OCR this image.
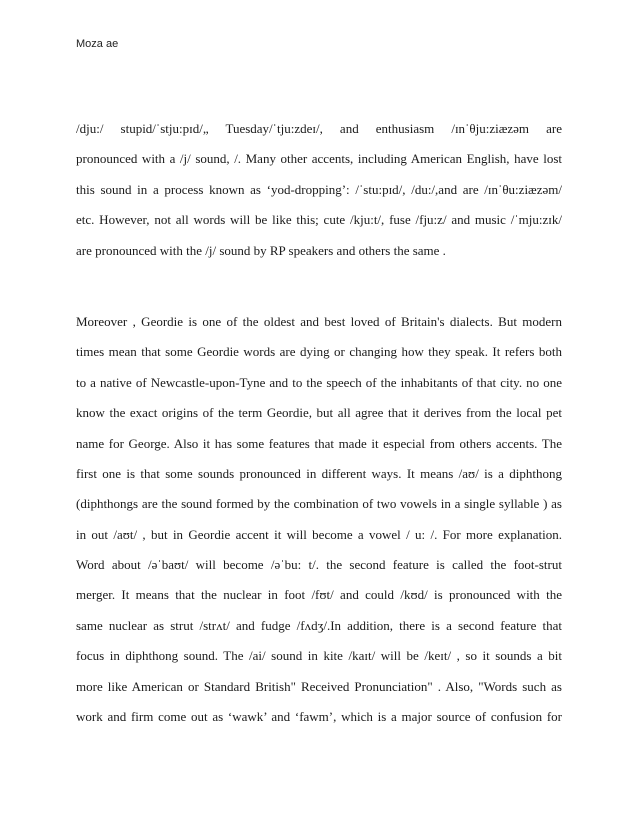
Moza ae
/dju:/ stupid/ˈstju:pɪd/„ Tuesday/ˈtju:zdeɪ/, and enthusiasm /ɪnˈθju:ziæzəm are
pronounced with a /j/ sound, /. Many other accents, including American English, have lost
this sound in a process known as ‘yod-dropping’: /ˈstu:pɪd/, /du:/,and are /ɪnˈθu:ziæzəm/
etc. However, not all words will be like this; cute /kju:t/, fuse /fju:z/ and music /ˈmju:zɪk/
are pronounced with the /j/ sound by RP speakers and others the same .
Moreover , Geordie is one of the oldest and best loved of Britain's dialects. But modern
times mean that some Geordie words are dying or changing how they speak. It refers both
to a native of Newcastle-upon-Tyne and to the speech of the inhabitants of that city. no one
know the exact origins of the term Geordie, but all agree that it derives from the local pet
name for George. Also it has some features that made it especial from others accents. The
first one is that some sounds pronounced in different ways. It means /aʊ/ is a diphthong
(diphthongs are the sound formed by the combination of two vowels in a single syllable ) as
in out /aʊt/ , but in Geordie accent it will become a vowel / u: /. For more explanation.
Word about /əˈbaʊt/ will become /əˈbu: t/. the second feature is called the foot-strut
merger. It means that the nuclear in foot /fʊt/ and could /kʊd/ is pronounced with the
same nuclear as strut /strʌt/ and fudge /fʌdʒ/.In addition, there is a second feature that
focus in diphthong sound. The /ai/ sound in kite /kaɪt/ will be /keɪt/ , so it sounds a bit
more like American or Standard British" Received Pronunciation" . Also, "Words such as
work and firm come out as ‘wawk’ and ‘fawm’, which is a major source of confusion for
